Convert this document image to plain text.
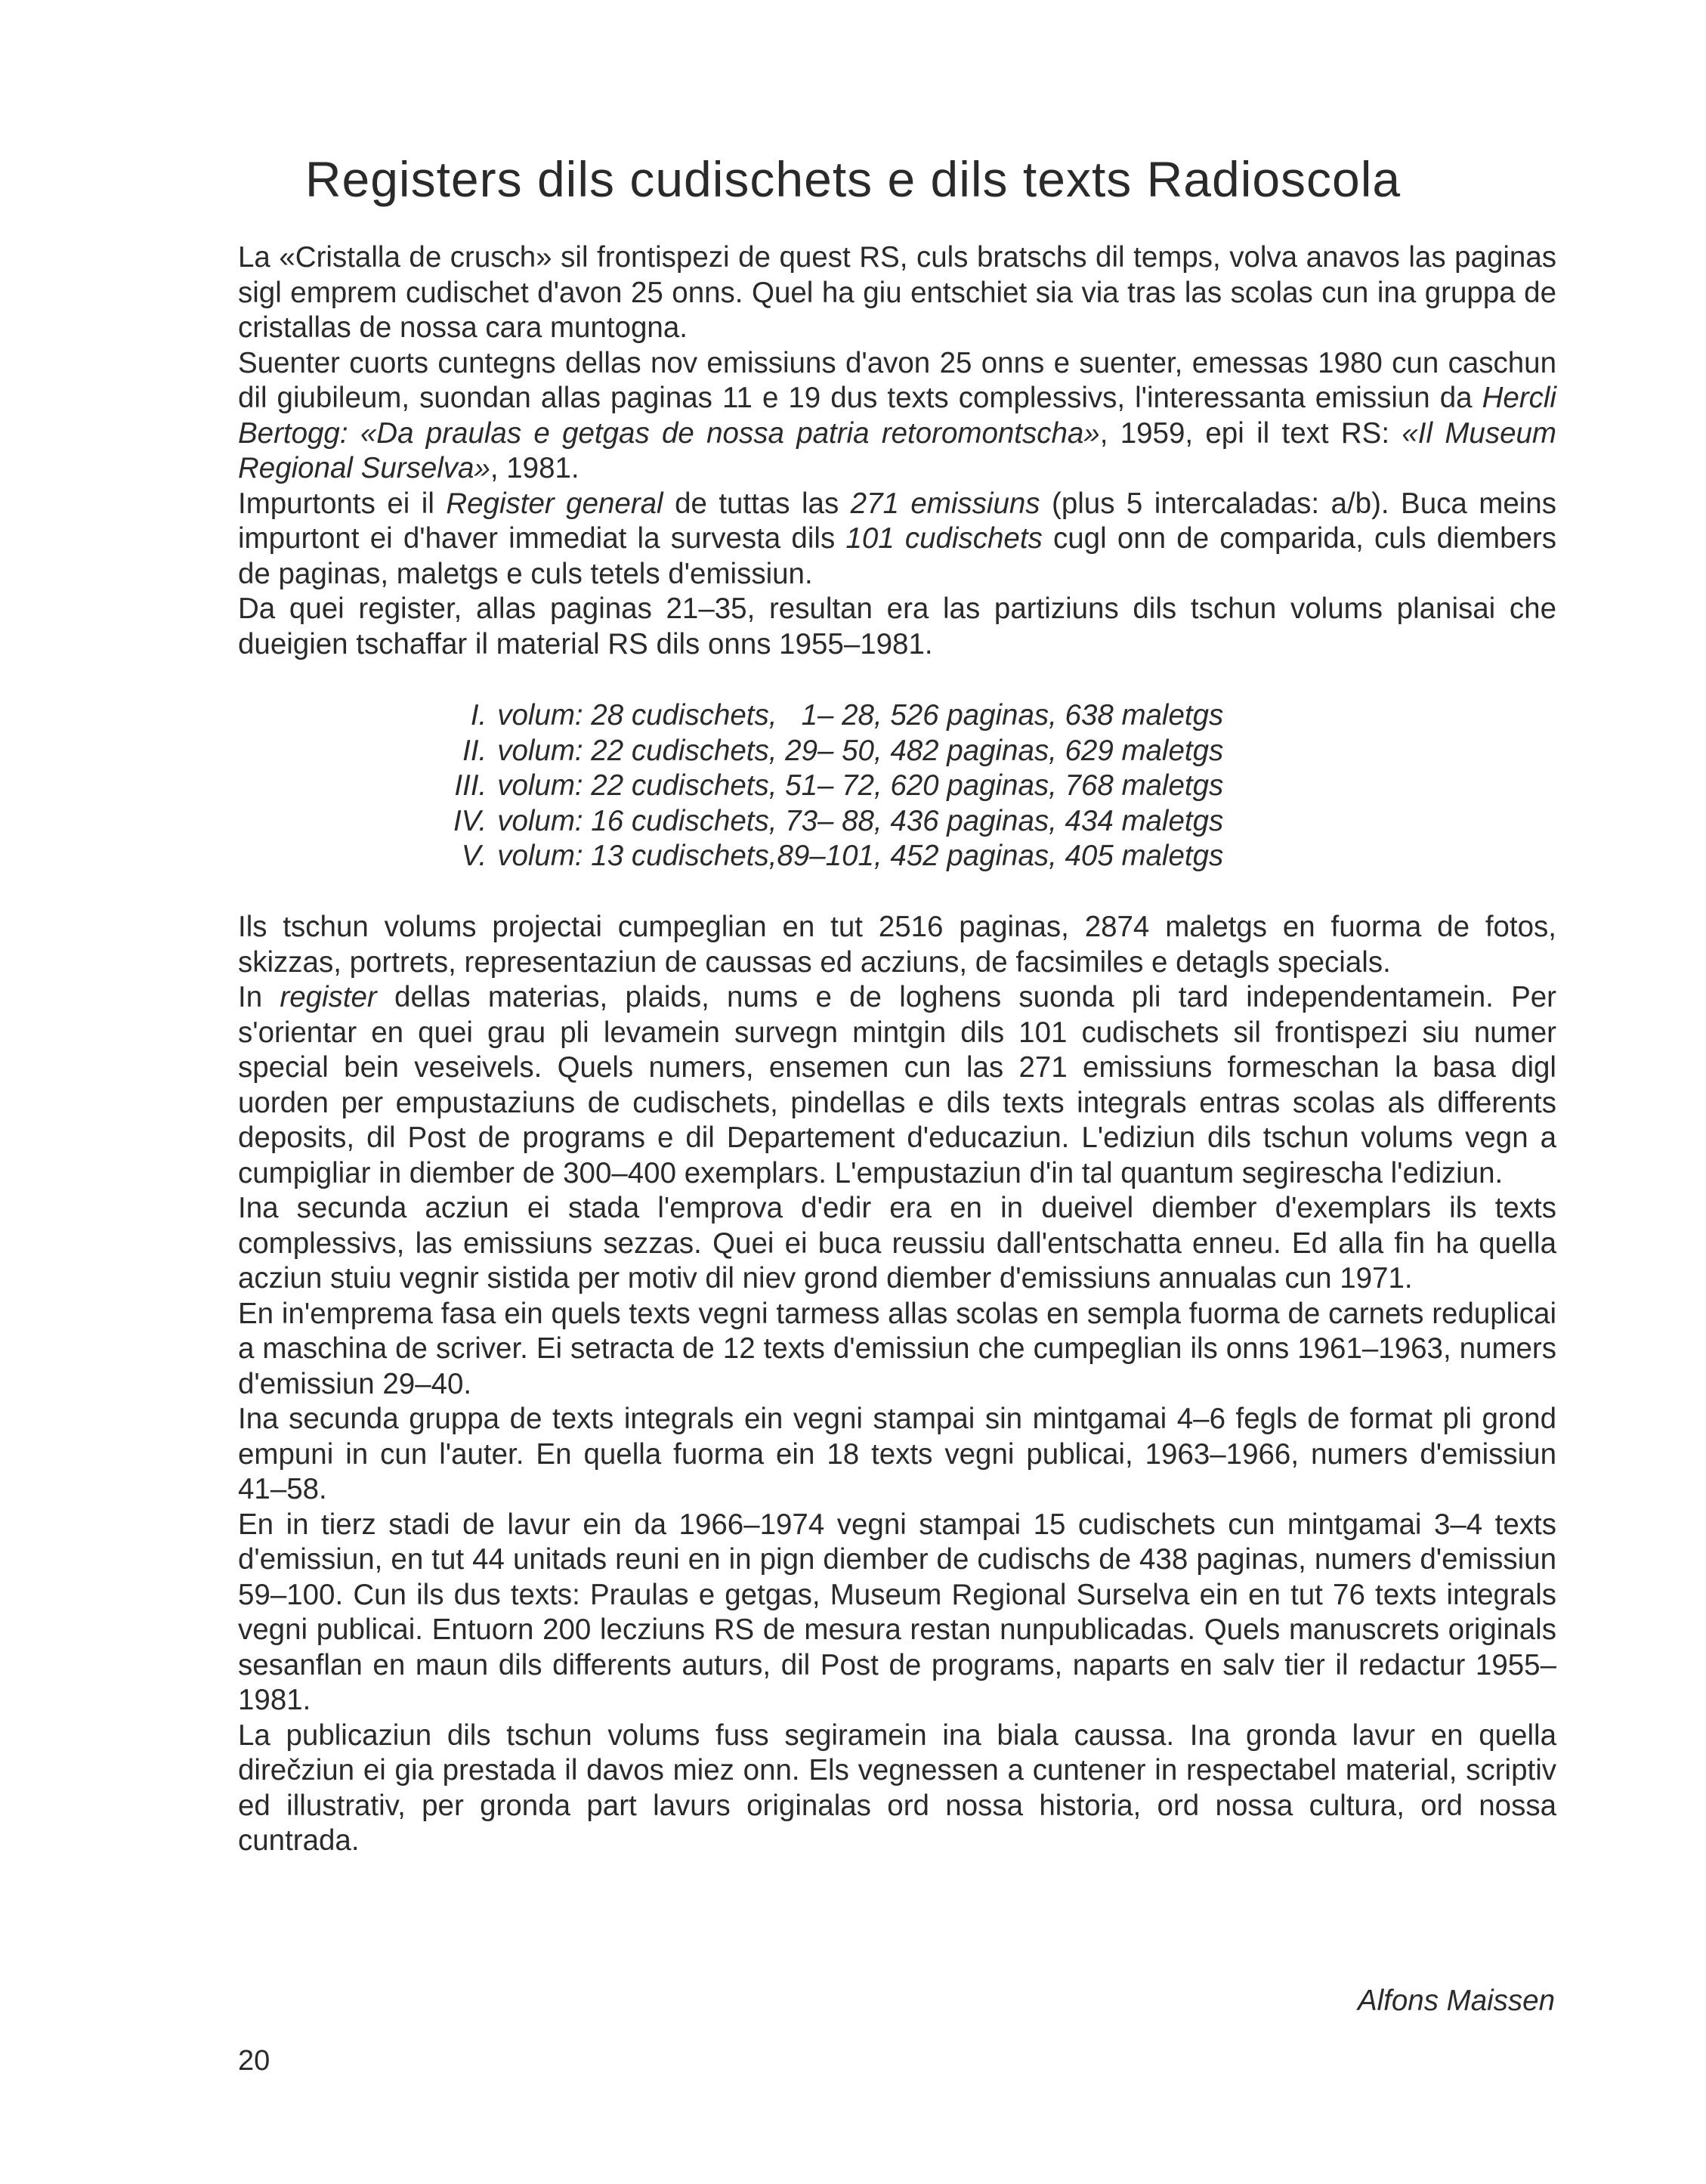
Registers dils cudischets e dils texts Radioscola

La «Cristalla de crusch» sil frontispezi de quest RS, culs bratschs dil temps, volva anavos las paginas sigl emprem cudischet d'avon 25 onns. Quel ha giu entschiet sia via tras las scolas cun ina gruppa de cristallas de nossa cara muntogna.

Suenter cuorts cuntegns dellas nov emissiuns d'avon 25 onns e suenter, emessas 1980 cun caschun dil giubileum, suondan allas paginas 11 e 19 dus texts complessivs, l'interessanta emissiun da Hercli Bertogg: «Da praulas e getgas de nossa patria retoromontscha», 1959, epi il text RS: «Il Museum Regional Surselva», 1981.

Impurtonts ei il Register general de tuttas las 271 emissiuns (plus 5 intercaladas: a/b). Buca meins impurtont ei d'haver immediat la survesta dils 101 cudischets cugl onn de comparida, culs diembers de paginas, maletgs e culs tetels d'emissiun.

Da quei register, allas paginas 21–35, resultan era las partiziuns dils tschun volums planisai che dueigien tschaffar il material RS dils onns 1955–1981.

I.	volum: 28 cudischets,	1– 28,	526 paginas,	638 maletgs
II.	volum: 22 cudischets,	29– 50,	482 paginas,	629 maletgs
III.	volum: 22 cudischets,	51– 72,	620 paginas,	768 maletgs
IV.	volum: 16 cudischets,	73– 88,	436 paginas,	434 maletgs
V.	volum: 13 cudischets,	89–101,	452 paginas,	405 maletgs

Ils tschun volums projectai cumpeglian en tut 2516 paginas, 2874 maletgs en fuorma de fotos, skizzas, portrets, representaziun de caussas ed acziuns, de facsimiles e detagls specials.

In register dellas materias, plaids, nums e de loghens suonda pli tard independentamein. Per s'orientar en quei grau pli levamein survegn mintgin dils 101 cudischets sil frontispezi siu numer special bein veseivels. Quels numers, ensemen cun las 271 emissiuns formeschan la basa digl uorden per empustaziuns de cudischets, pindellas e dils texts integrals entras scolas als differents deposits, dil Post de programs e dil Departement d'educaziun. L'ediziun dils tschun volums vegn a cumpigliar in diember de 300–400 exemplars. L'empustaziun d'in tal quantum segirescha l'ediziun.

Ina secunda acziun ei stada l'emprova d'edir era en in dueivel diember d'exemplars ils texts complessivs, las emissiuns sezzas. Quei ei buca reussiu dall'entschatta enneu. Ed alla fin ha quella acziun stuiu vegnir sistida per motiv dil niev grond diember d'emissiuns annualas cun 1971.

En in'emprema fasa ein quels texts vegni tarmess allas scolas en sempla fuorma de carnets reduplicai a maschina de scriver. Ei setracta de 12 texts d'emissiun che cumpeglian ils onns 1961–1963, numers d'emissiun 29–40.

Ina secunda gruppa de texts integrals ein vegni stampai sin mintgamai 4–6 fegls de format pli grond empuni in cun l'auter. En quella fuorma ein 18 texts vegni publicai, 1963–1966, numers d'emissiun 41–58.

En in tierz stadi de lavur ein da 1966–1974 vegni stampai 15 cudischets cun mintgamai 3–4 texts d'emissiun, en tut 44 unitads reuni en in pign diember de cudischs de 438 paginas, numers d'emissiun 59–100. Cun ils dus texts: Praulas e getgas, Museum Regional Surselva ein en tut 76 texts integrals vegni publicai. Entuorn 200 lecziuns RS de mesura restan nunpublicadas. Quels manuscrets originals sesanflan en maun dils differents auturs, dil Post de programs, naparts en salv tier il redactur 1955–1981.

La publicaziun dils tschun volums fuss segiramein ina biala caussa. Ina gronda lavur en quella direčziun ei gia prestada il davos miez onn. Els vegnessen a cuntener in respectabel material, scriptiv ed illustrativ, per gronda part lavurs originalas ord nossa historia, ord nossa cultura, ord nossa cuntrada.

Alfons Maissen
20
